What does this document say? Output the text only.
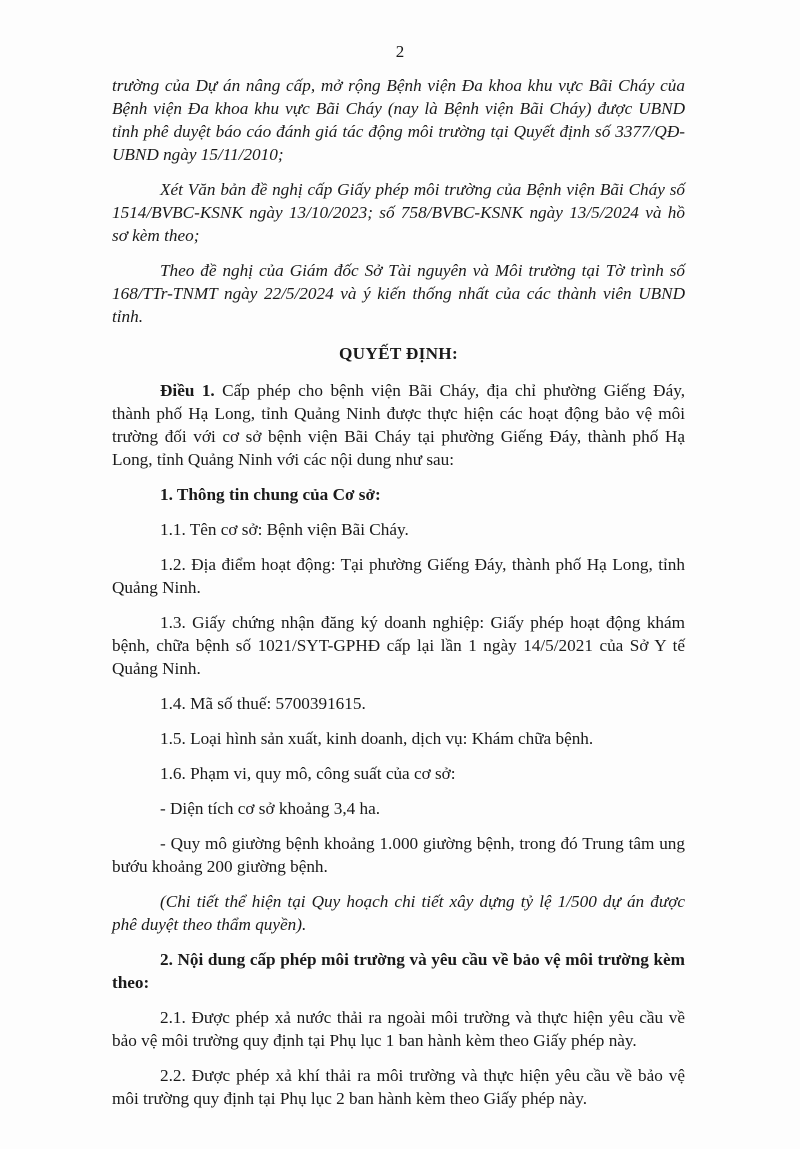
2

trường của Dự án nâng cấp, mở rộng Bệnh viện Đa khoa khu vực Bãi Cháy của Bệnh viện Đa khoa khu vực Bãi Cháy (nay là Bệnh viện Bãi Cháy) được UBND tỉnh phê duyệt báo cáo đánh giá tác động môi trường tại Quyết định số 3377/QĐ-UBND ngày 15/11/2010;

Xét Văn bản đề nghị cấp Giấy phép môi trường của Bệnh viện Bãi Cháy số 1514/BVBC-KSNK ngày 13/10/2023; số 758/BVBC-KSNK ngày 13/5/2024 và hồ sơ kèm theo;

Theo đề nghị của Giám đốc Sở Tài nguyên và Môi trường tại Tờ trình số 168/TTr-TNMT ngày 22/5/2024 và ý kiến thống nhất của các thành viên UBND tỉnh.

QUYẾT ĐỊNH:

Điều 1. Cấp phép cho bệnh viện Bãi Cháy, địa chỉ phường Giếng Đáy, thành phố Hạ Long, tỉnh Quảng Ninh được thực hiện các hoạt động bảo vệ môi trường đối với cơ sở bệnh viện Bãi Cháy tại phường Giếng Đáy, thành phố Hạ Long, tỉnh Quảng Ninh với các nội dung như sau:

1. Thông tin chung của Cơ sở:

1.1. Tên cơ sở: Bệnh viện Bãi Cháy.

1.2. Địa điểm hoạt động: Tại phường Giếng Đáy, thành phố Hạ Long, tỉnh Quảng Ninh.

1.3. Giấy chứng nhận đăng ký doanh nghiệp: Giấy phép hoạt động khám bệnh, chữa bệnh số 1021/SYT-GPHĐ cấp lại lần 1 ngày 14/5/2021 của Sở Y tế Quảng Ninh.

1.4. Mã số thuế: 5700391615.

1.5. Loại hình sản xuất, kinh doanh, dịch vụ: Khám chữa bệnh.

1.6. Phạm vi, quy mô, công suất của cơ sở:

- Diện tích cơ sở khoảng 3,4 ha.

- Quy mô giường bệnh khoảng 1.000 giường bệnh, trong đó Trung tâm ung bướu khoảng 200 giường bệnh.

(Chi tiết thể hiện tại Quy hoạch chi tiết xây dựng tỷ lệ 1/500 dự án được phê duyệt theo thẩm quyền).

2. Nội dung cấp phép môi trường và yêu cầu về bảo vệ môi trường kèm theo:

2.1. Được phép xả nước thải ra ngoài môi trường và thực hiện yêu cầu về bảo vệ môi trường quy định tại Phụ lục 1 ban hành kèm theo Giấy phép này.

2.2. Được phép xả khí thải ra môi trường và thực hiện yêu cầu về bảo vệ môi trường quy định tại Phụ lục 2 ban hành kèm theo Giấy phép này.
